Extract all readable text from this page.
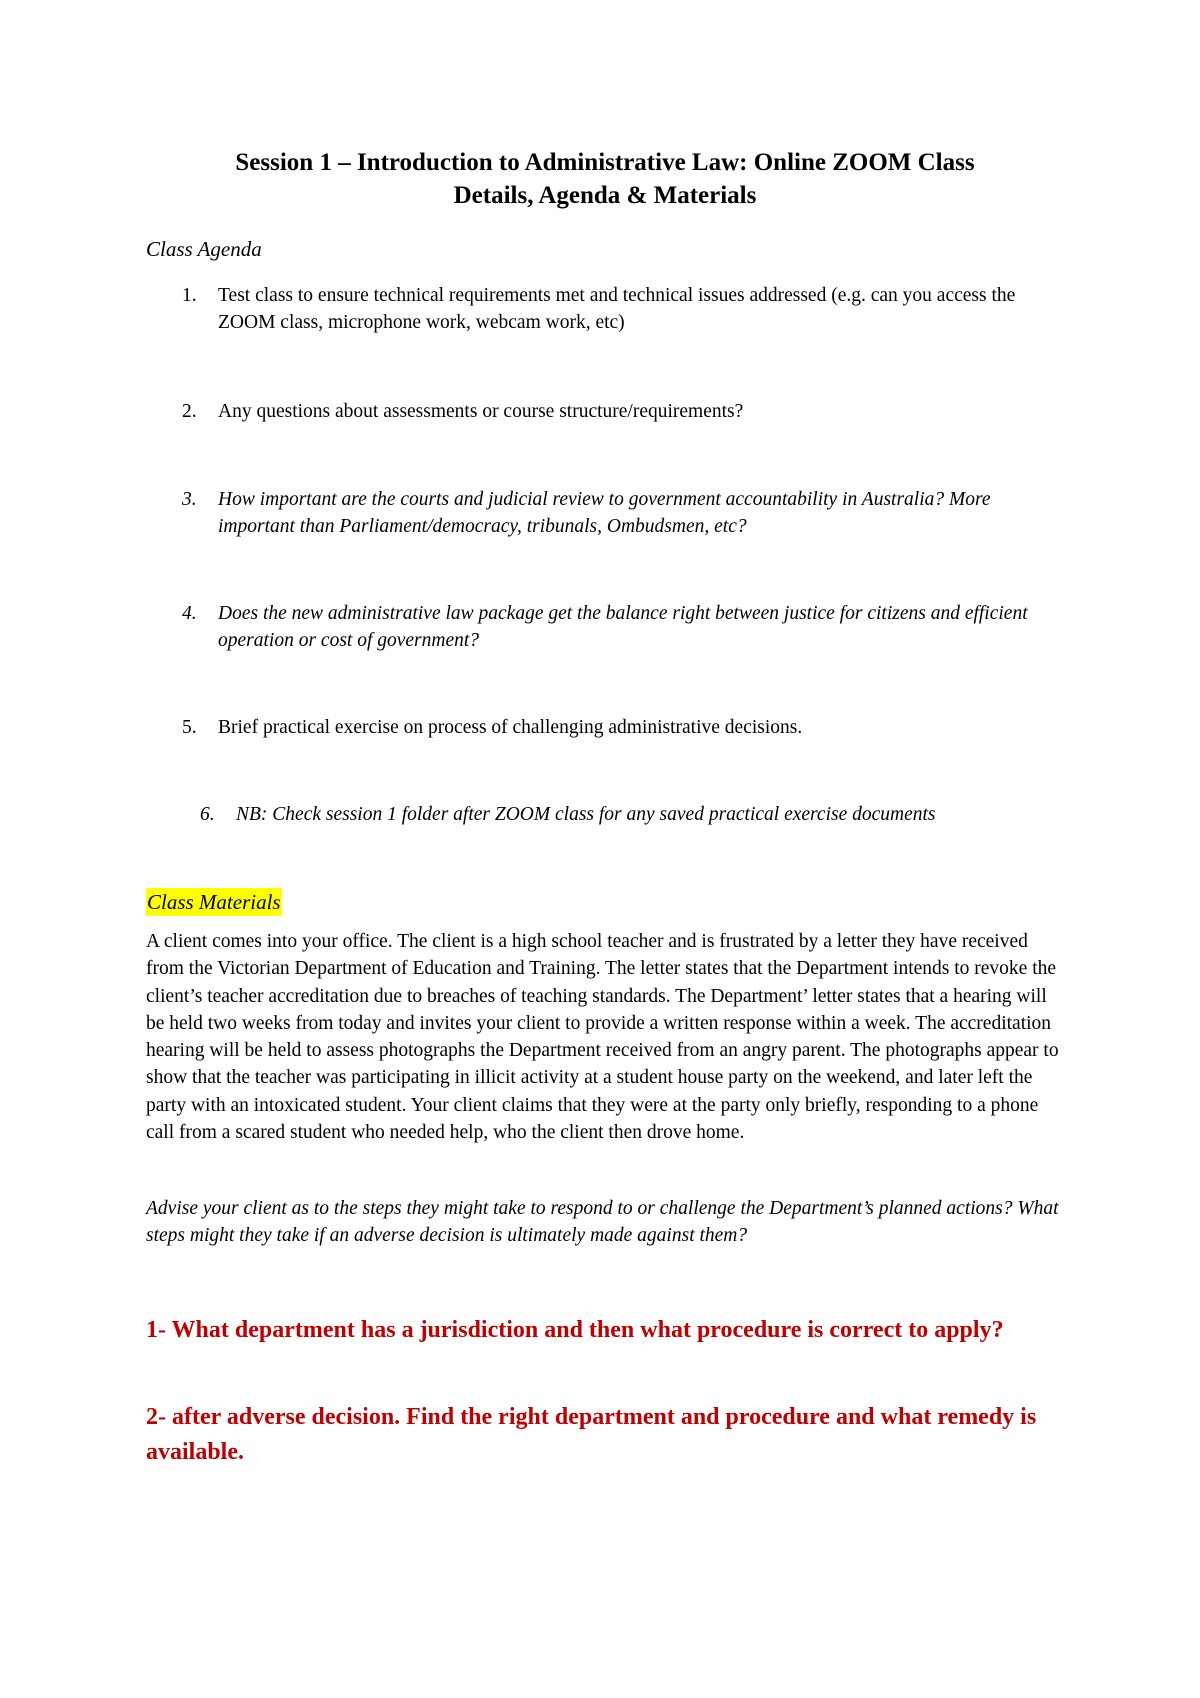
Session 1 – Introduction to Administrative Law: Online ZOOM Class
Details, Agenda & Materials

Class Agenda

1.	Test class to ensure technical requirements met and technical issues addressed (e.g. can you access the ZOOM class, microphone work, webcam work, etc)
2.	Any questions about assessments or course structure/requirements?
3.	How important are the courts and judicial review to government accountability in Australia? More important than Parliament/democracy, tribunals, Ombudsmen, etc?
4.	Does the new administrative law package get the balance right between justice for citizens and efficient operation or cost of government?
5.	Brief practical exercise on process of challenging administrative decisions.
6.	NB: Check session 1 folder after ZOOM class for any saved practical exercise documents

Class Materials

A client comes into your office. The client is a high school teacher and is frustrated by a letter they have received from the Victorian Department of Education and Training. The letter states that the Department intends to revoke the client’s teacher accreditation due to breaches of teaching standards. The Department’ letter states that a hearing will be held two weeks from today and invites your client to provide a written response within a week. The accreditation hearing will be held to assess photographs the Department received from an angry parent. The photographs appear to show that the teacher was participating in illicit activity at a student house party on the weekend, and later left the party with an intoxicated student. Your client claims that they were at the party only briefly, responding to a phone call from a scared student who needed help, who the client then drove home.

Advise your client as to the steps they might take to respond to or challenge the Department’s planned actions? What steps might they take if an adverse decision is ultimately made against them?

1- What department has a jurisdiction and then what procedure is correct to apply?

2- after adverse decision. Find the right department and procedure and what remedy is available.
